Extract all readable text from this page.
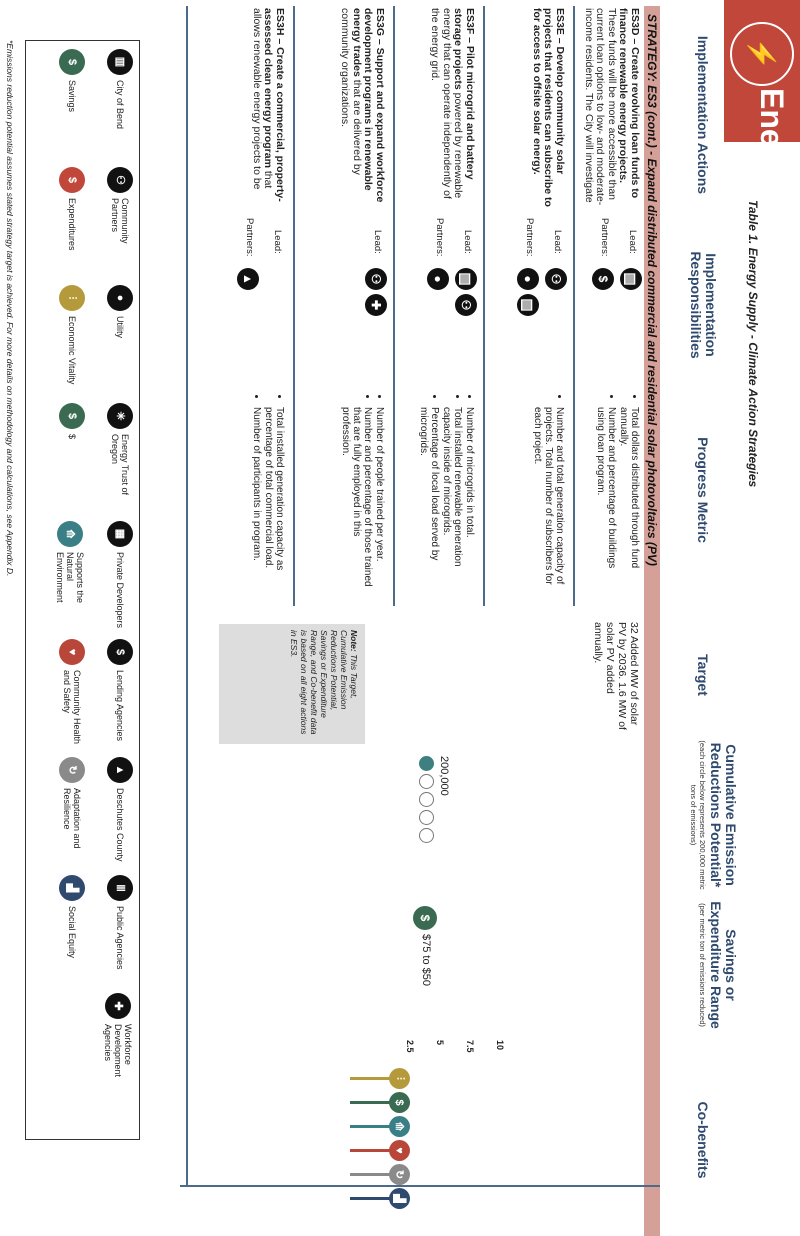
⚡
Energy Supply
Table 1. Energy Supply - Climate Action Strategies
Implementation Actions
Implementation Responsibilities
Progress Metric
Target
Cumulative Emission Reductions Potential*
(each circle below represents 200,000 metric tons of emissions)
Savings or Expenditure Range
(per metric ton of emissions reduced)
Co-benefits
STRATEGY: ES3 (cont.) - Expand distributed commercial and residential solar photovoltaics (PV)
ES3D – Create revolving loan funds to finance renewable energy projects. These funds will be more accessible than current loan options to low- and moderate-income residents. The City will investigate
Lead:
▥
Partners:
$
• Total dollars distributed through fund annually.
• Number and percentage of buildings using loan program.
ES3E – Develop community solar projects that residents can subscribe to for access to offsite solar energy.
Lead:
⚇
Partners:
●
▥
• Number and total generation capacity of projects. Total number of subscribers for each project.
ES3F – Pilot microgrid and battery storage projects powered by renewable energy that can operate independently of the energy grid.
Lead:
▥
⚇
Partners:
●
• Number of microgrids in total.
• Total installed renewable generation capacity inside of microgrids.
• Percentage of local load served by microgrids.
ES3G – Support and expand workforce development programs in renewable energy trades that are delivered by community organizations.
Lead:
⚇
✚
• Number of people trained per year.
• Number and percentage of those trained that are fully employed in this profession.
ES3H – Create a commercial, property-assessed clean energy program that allows renewable energy projects to be
Lead:
Partners:
▲
• Total installed generation capacity as percentage of total commercial load.
• Number of participants in program.
32 Added MW of solar PV by 2036. 1.6 MW of solar PV added annually.
Note: This Target, Cumulative Emission Reductions Potential, Savings or Expenditure Range, and Co-benefit data is based on all eight actions in ES3.
200,000
$
$75 to $50
10
7.5
5
2.5
⫶
$
⟰
♥
↻
▟
▥
City of Bend
⚇
Community Partners
●
Utility
✳
Energy Trust of Oregon
▦
Private Developers
$
Lending Agencies
▲
Deschutes County
Ⅲ
Public Agencies
✚
Workforce Development Agencies
$
Savings
$
Expenditures
⫶
Economic Vitality
$
$
⟰
Supports the Natural Environment
♥
Community Health and Safety
↻
Adaptation and Resilience
▟
Social Equity
*Emissions reduction potential assumes stated strategy target is achieved. For more details on methodology and calculations, see Appendix D.
